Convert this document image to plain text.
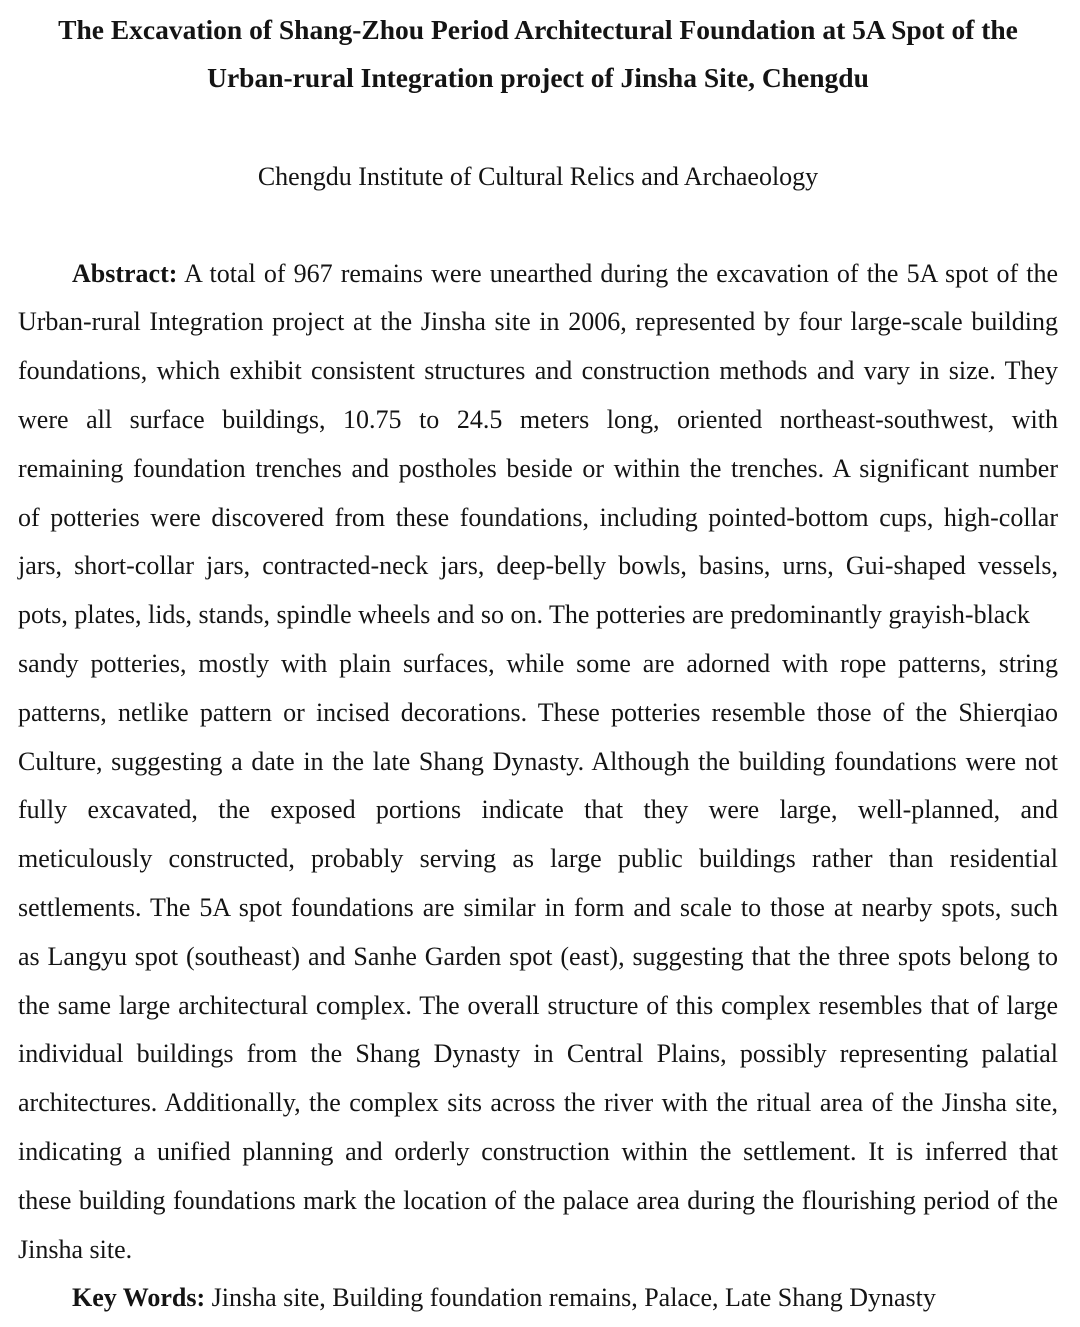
The Excavation of Shang-Zhou Period Architectural Foundation at 5A Spot of the
Urban-rural Integration project of Jinsha Site, Chengdu
Chengdu Institute of Cultural Relics and Archaeology
Abstract: A total of 967 remains were unearthed during the excavation of the 5A spot of the
Urban-rural Integration project at the Jinsha site in 2006, represented by four large-scale building
foundations, which exhibit consistent structures and construction methods and vary in size. They
were all surface buildings, 10.75 to 24.5 meters long, oriented northeast-southwest, with
remaining foundation trenches and postholes beside or within the trenches. A significant number
of potteries were discovered from these foundations, including pointed-bottom cups, high-collar
jars, short-collar jars, contracted-neck jars, deep-belly bowls, basins, urns, Gui-shaped vessels,
pots, plates, lids, stands, spindle wheels and so on. The potteries are predominantly grayish-black
sandy potteries, mostly with plain surfaces, while some are adorned with rope patterns, string
patterns, netlike pattern or incised decorations. These potteries resemble those of the Shierqiao
Culture, suggesting a date in the late Shang Dynasty. Although the building foundations were not
fully excavated, the exposed portions indicate that they were large, well-planned, and
meticulously constructed, probably serving as large public buildings rather than residential
settlements. The 5A spot foundations are similar in form and scale to those at nearby spots, such
as Langyu spot (southeast) and Sanhe Garden spot (east), suggesting that the three spots belong to
the same large architectural complex. The overall structure of this complex resembles that of large
individual buildings from the Shang Dynasty in Central Plains, possibly representing palatial
architectures. Additionally, the complex sits across the river with the ritual area of the Jinsha site,
indicating a unified planning and orderly construction within the settlement. It is inferred that
these building foundations mark the location of the palace area during the flourishing period of the
Jinsha site.
Key Words: Jinsha site, Building foundation remains, Palace, Late Shang Dynasty
